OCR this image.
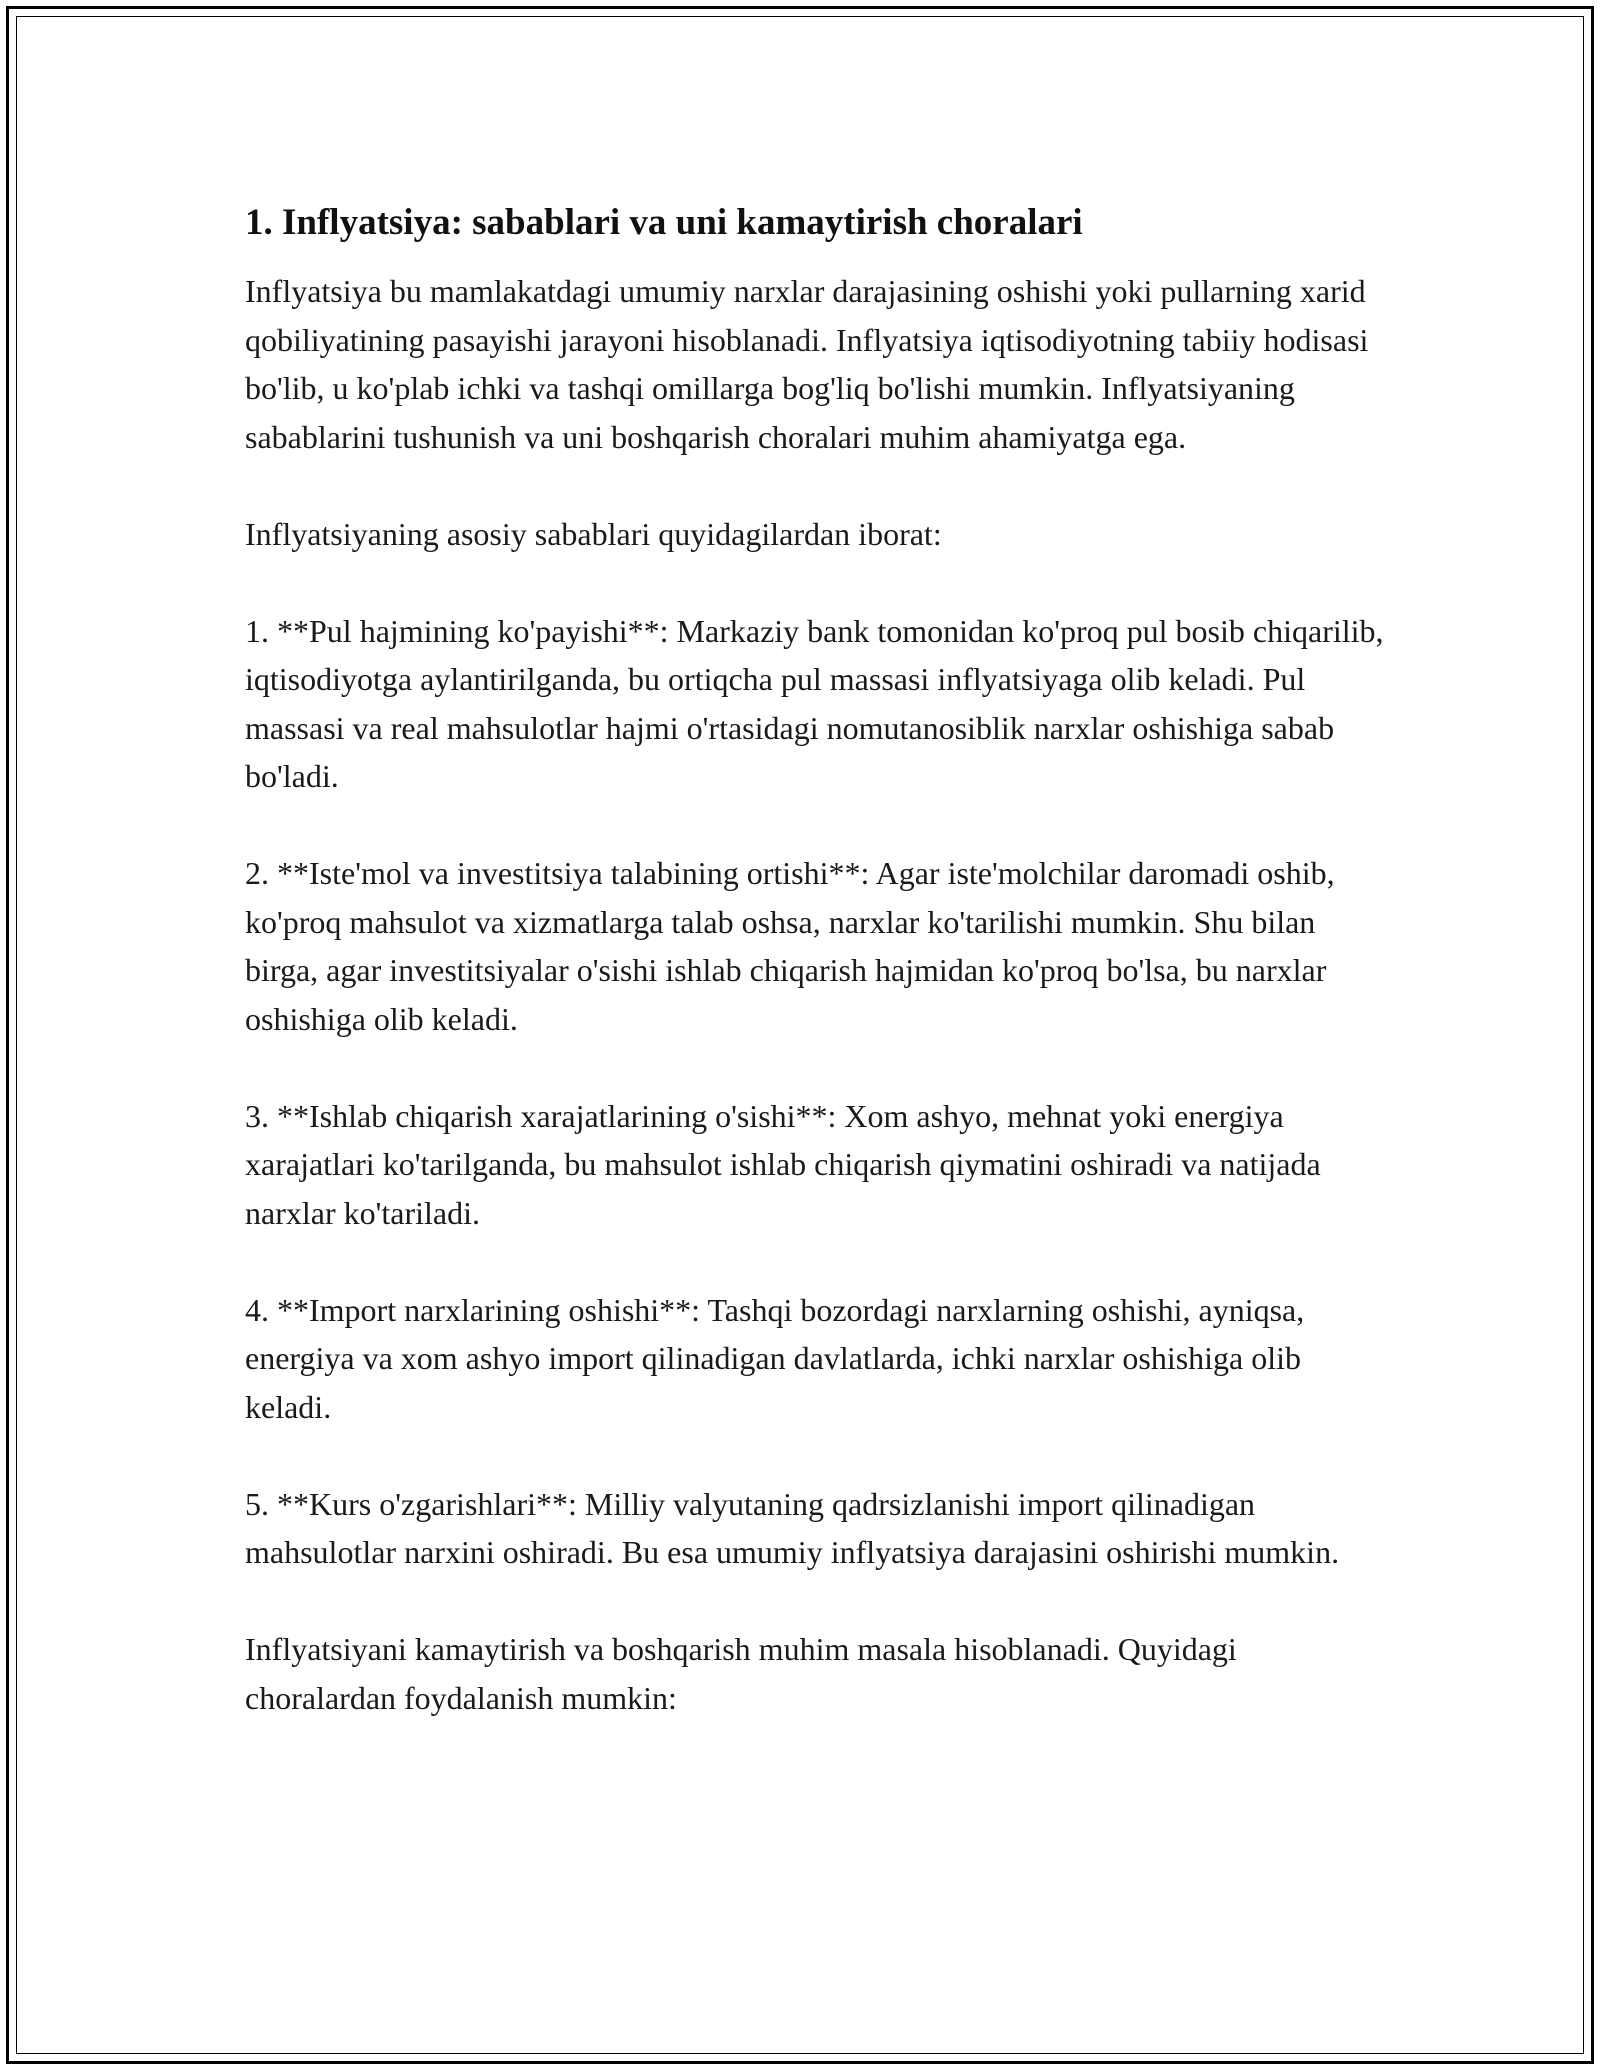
1. Inflyatsiya: sabablari va uni kamaytirish choralari

Inflyatsiya bu mamlakatdagi umumiy narxlar darajasining oshishi yoki pullarning xarid qobiliyatining pasayishi jarayoni hisoblanadi. Inflyatsiya iqtisodiyotning tabiiy hodisasi bo'lib, u ko'plab ichki va tashqi omillarga bog'liq bo'lishi mumkin. Inflyatsiyaning sabablarini tushunish va uni boshqarish choralari muhim ahamiyatga ega.

Inflyatsiyaning asosiy sabablari quyidagilardan iborat:

1. **Pul hajmining ko'payishi**: Markaziy bank tomonidan ko'proq pul bosib chiqarilib, iqtisodiyotga aylantirilganda, bu ortiqcha pul massasi inflyatsiyaga olib keladi. Pul massasi va real mahsulotlar hajmi o'rtasidagi nomutanosiblik narxlar oshishiga sabab bo'ladi.

2. **Iste'mol va investitsiya talabining ortishi**: Agar iste'molchilar daromadi oshib, ko'proq mahsulot va xizmatlarga talab oshsa, narxlar ko'tarilishi mumkin. Shu bilan birga, agar investitsiyalar o'sishi ishlab chiqarish hajmidan ko'proq bo'lsa, bu narxlar oshishiga olib keladi.

3. **Ishlab chiqarish xarajatlarining o'sishi**: Xom ashyo, mehnat yoki energiya xarajatlari ko'tarilganda, bu mahsulot ishlab chiqarish qiymatini oshiradi va natijada narxlar ko'tariladi.

4. **Import narxlarining oshishi**: Tashqi bozordagi narxlarning oshishi, ayniqsa, energiya va xom ashyo import qilinadigan davlatlarda, ichki narxlar oshishiga olib keladi.

5. **Kurs o'zgarishlari**: Milliy valyutaning qadrsizlanishi import qilinadigan mahsulotlar narxini oshiradi. Bu esa umumiy inflyatsiya darajasini oshirishi mumkin.

Inflyatsiyani kamaytirish va boshqarish muhim masala hisoblanadi. Quyidagi choralardan foydalanish mumkin:
